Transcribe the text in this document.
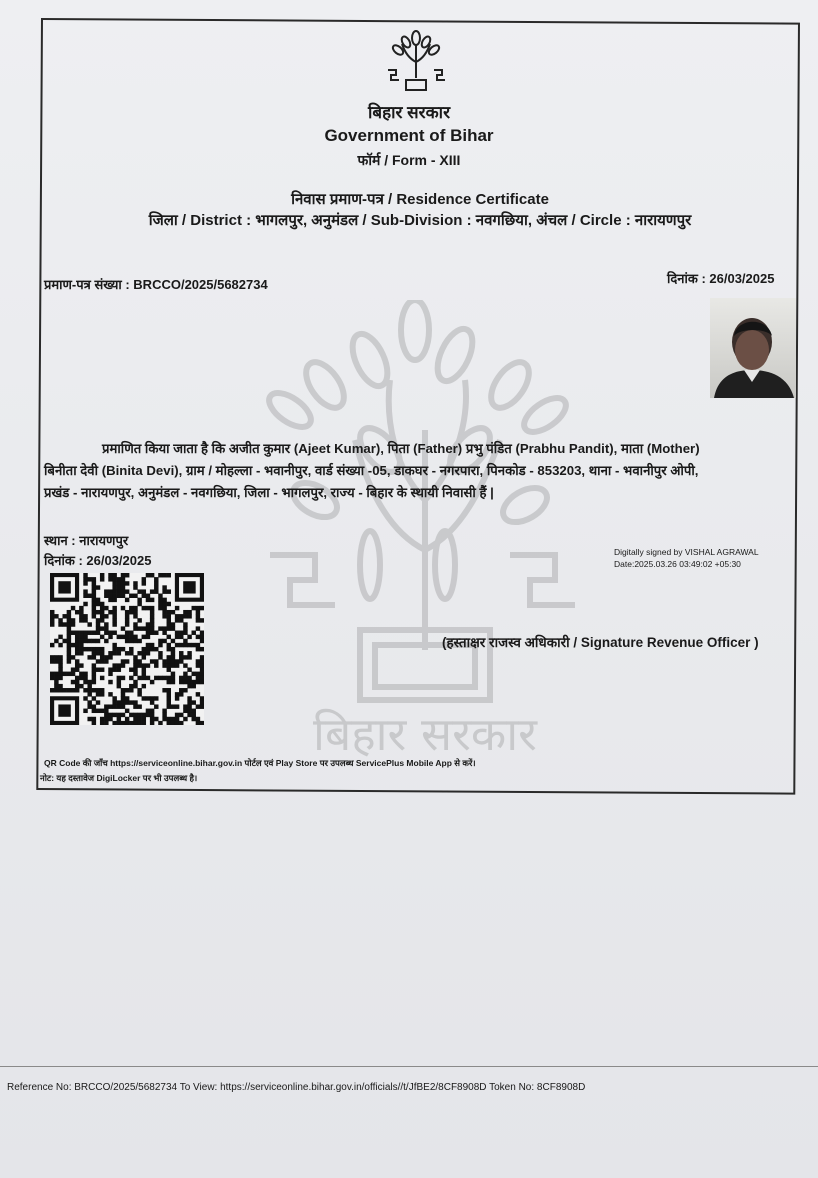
बिहार सरकार
बिहार सरकार
Government of Bihar
फॉर्म / Form - XIII
निवास प्रमाण-पत्र / Residence Certificate
जिला / District : भागलपुर, अनुमंडल / Sub-Division : नवगछिया, अंचल / Circle : नारायणपुर
प्रमाण-पत्र संख्या : BRCCO/2025/5682734	दिनांक : 26/03/2025
प्रमाणित किया जाता है कि अजीत कुमार (Ajeet Kumar), पिता (Father) प्रभु पंडित (Prabhu Pandit), माता (Mother)
बिनीता देवी (Binita Devi), ग्राम / मोहल्ला - भवानीपुर, वार्ड संख्या -05, डाकघर - नगरपारा, पिनकोड - 853203, थाना - भवानीपुर ओपी,
प्रखंड - नारायणपुर, अनुमंडल - नवगछिया, जिला - भागलपुर, राज्य - बिहार के स्थायी निवासी हैं |
स्थान : नारायणपुर
दिनांक : 26/03/2025
Digitally signed by VISHAL AGRAWAL
Date:2025.03.26 03:49:02 +05:30
(हस्ताक्षर राजस्व अधिकारी / Signature Revenue Officer )
QR Code की जाँच https://serviceonline.bihar.gov.in पोर्टल एवं Play Store पर उपलब्ध ServicePlus Mobile App से करें।
नोट: यह दस्तावेज DigiLocker पर भी उपलब्ध है।
Reference No: BRCCO/2025/5682734 To View: https://serviceonline.bihar.gov.in/officials//t/JfBE2/8CF8908D Token No: 8CF8908D
